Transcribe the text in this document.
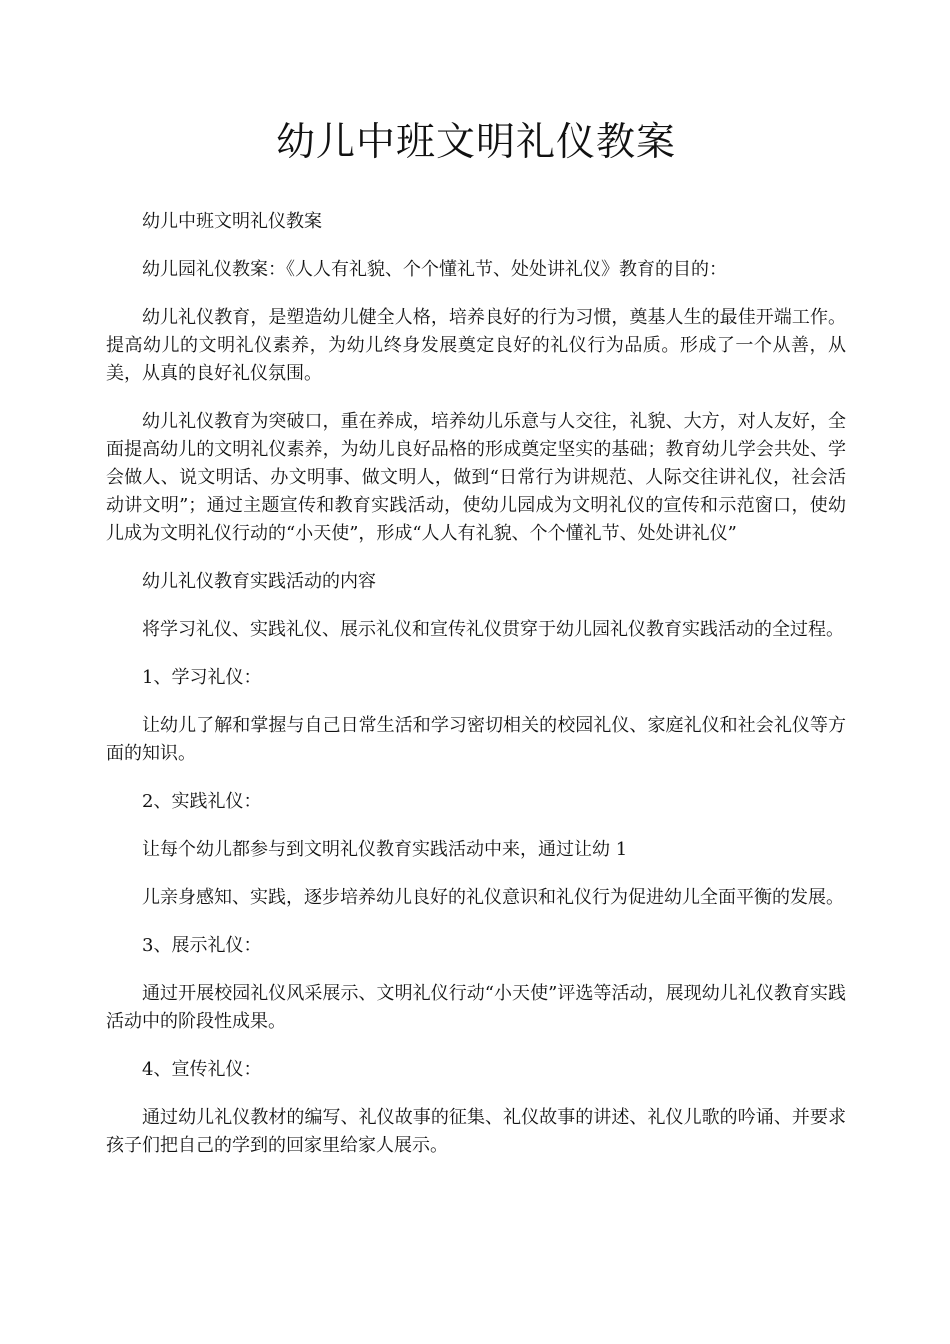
幼儿中班文明礼仪教案

幼儿中班文明礼仪教案

幼儿园礼仪教案：《人人有礼貌、个个懂礼节、处处讲礼仪》教育的目的：

幼儿礼仪教育，是塑造幼儿健全人格，培养良好的行为习惯，奠基人生的最佳开端工作。提高幼儿的文明礼仪素养，为幼儿终身发展奠定良好的礼仪行为品质。形成了一个从善，从美，从真的良好礼仪氛围。

幼儿礼仪教育为突破口，重在养成，培养幼儿乐意与人交往，礼貌、大方，对人友好，全面提高幼儿的文明礼仪素养，为幼儿良好品格的形成奠定坚实的基础；教育幼儿学会共处、学会做人、说文明话、办文明事、做文明人，做到“日常行为讲规范、人际交往讲礼仪，社会活动讲文明”；通过主题宣传和教育实践活动，使幼儿园成为文明礼仪的宣传和示范窗口，使幼儿成为文明礼仪行动的“小天使”，形成“人人有礼貌、个个懂礼节、处处讲礼仪”

幼儿礼仪教育实践活动的内容

将学习礼仪、实践礼仪、展示礼仪和宣传礼仪贯穿于幼儿园礼仪教育实践活动的全过程。

1、学习礼仪：

让幼儿了解和掌握与自己日常生活和学习密切相关的校园礼仪、家庭礼仪和社会礼仪等方面的知识。

2、实践礼仪：

让每个幼儿都参与到文明礼仪教育实践活动中来，通过让幼 1

儿亲身感知、实践，逐步培养幼儿良好的礼仪意识和礼仪行为促进幼儿全面平衡的发展。

3、展示礼仪：

通过开展校园礼仪风采展示、文明礼仪行动“小天使”评选等活动，展现幼儿礼仪教育实践活动中的阶段性成果。

4、宣传礼仪：

通过幼儿礼仪教材的编写、礼仪故事的征集、礼仪故事的讲述、礼仪儿歌的吟诵、并要求孩子们把自己的学到的回家里给家人展示。
